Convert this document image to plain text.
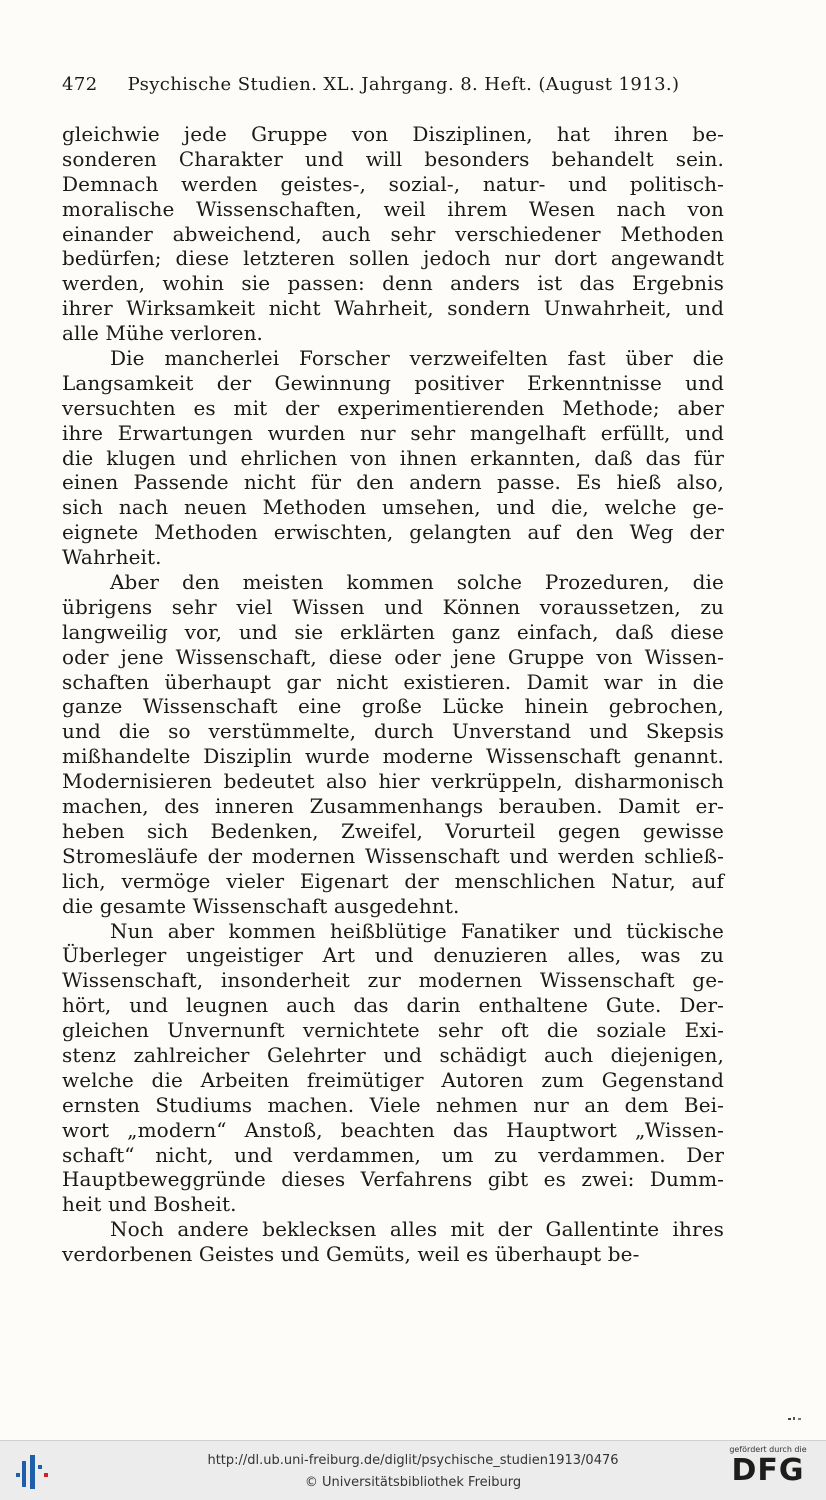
472 Psychische Studien. XL. Jahrgang. 8. Heft. (August 1913.)
gleichwie jede Gruppe von Disziplinen, hat ihren be-
sonderen Charakter und will besonders behandelt sein.
Demnach werden geistes-, sozial-, natur- und politisch-
moralische Wissenschaften, weil ihrem Wesen nach von
einander abweichend, auch sehr verschiedener Methoden
bedürfen; diese letzteren sollen jedoch nur dort angewandt
werden, wohin sie passen: denn anders ist das Ergebnis
ihrer Wirksamkeit nicht Wahrheit, sondern Unwahrheit, und
alle Mühe verloren.
Die mancherlei Forscher verzweifelten fast über die
Langsamkeit der Gewinnung positiver Erkenntnisse und
versuchten es mit der experimentierenden Methode; aber
ihre Erwartungen wurden nur sehr mangelhaft erfüllt, und
die klugen und ehrlichen von ihnen erkannten, daß das für
einen Passende nicht für den andern passe. Es hieß also,
sich nach neuen Methoden umsehen, und die, welche ge-
eignete Methoden erwischten, gelangten auf den Weg der
Wahrheit.
Aber den meisten kommen solche Prozeduren, die
übrigens sehr viel Wissen und Können voraussetzen, zu
langweilig vor, und sie erklärten ganz einfach, daß diese
oder jene Wissenschaft, diese oder jene Gruppe von Wissen-
schaften überhaupt gar nicht existieren. Damit war in die
ganze Wissenschaft eine große Lücke hinein gebrochen,
und die so verstümmelte, durch Unverstand und Skepsis
mißhandelte Disziplin wurde moderne Wissenschaft genannt.
Modernisieren bedeutet also hier verkrüppeln, disharmonisch
machen, des inneren Zusammenhangs berauben. Damit er-
heben sich Bedenken, Zweifel, Vorurteil gegen gewisse
Stromesläufe der modernen Wissenschaft und werden schließ-
lich, vermöge vieler Eigenart der menschlichen Natur, auf
die gesamte Wissenschaft ausgedehnt.
Nun aber kommen heißblütige Fanatiker und tückische
Überleger ungeistiger Art und denuzieren alles, was zu
Wissenschaft, insonderheit zur modernen Wissenschaft ge-
hört, und leugnen auch das darin enthaltene Gute. Der-
gleichen Unvernunft vernichtete sehr oft die soziale Exi-
stenz zahlreicher Gelehrter und schädigt auch diejenigen,
welche die Arbeiten freimütiger Autoren zum Gegenstand
ernsten Studiums machen. Viele nehmen nur an dem Bei-
wort „modern“ Anstoß, beachten das Hauptwort „Wissen-
schaft“ nicht, und verdammen, um zu verdammen. Der
Hauptbeweggründe dieses Verfahrens gibt es zwei: Dumm-
heit und Bosheit.
Noch andere beklecksen alles mit der Gallentinte ihres
verdorbenen Geistes und Gemüts, weil es überhaupt be-
http://dl.ub.uni-freiburg.de/diglit/psychische_studien1913/0476
© Universitätsbibliothek Freiburg
gefördert durch die
DFG
